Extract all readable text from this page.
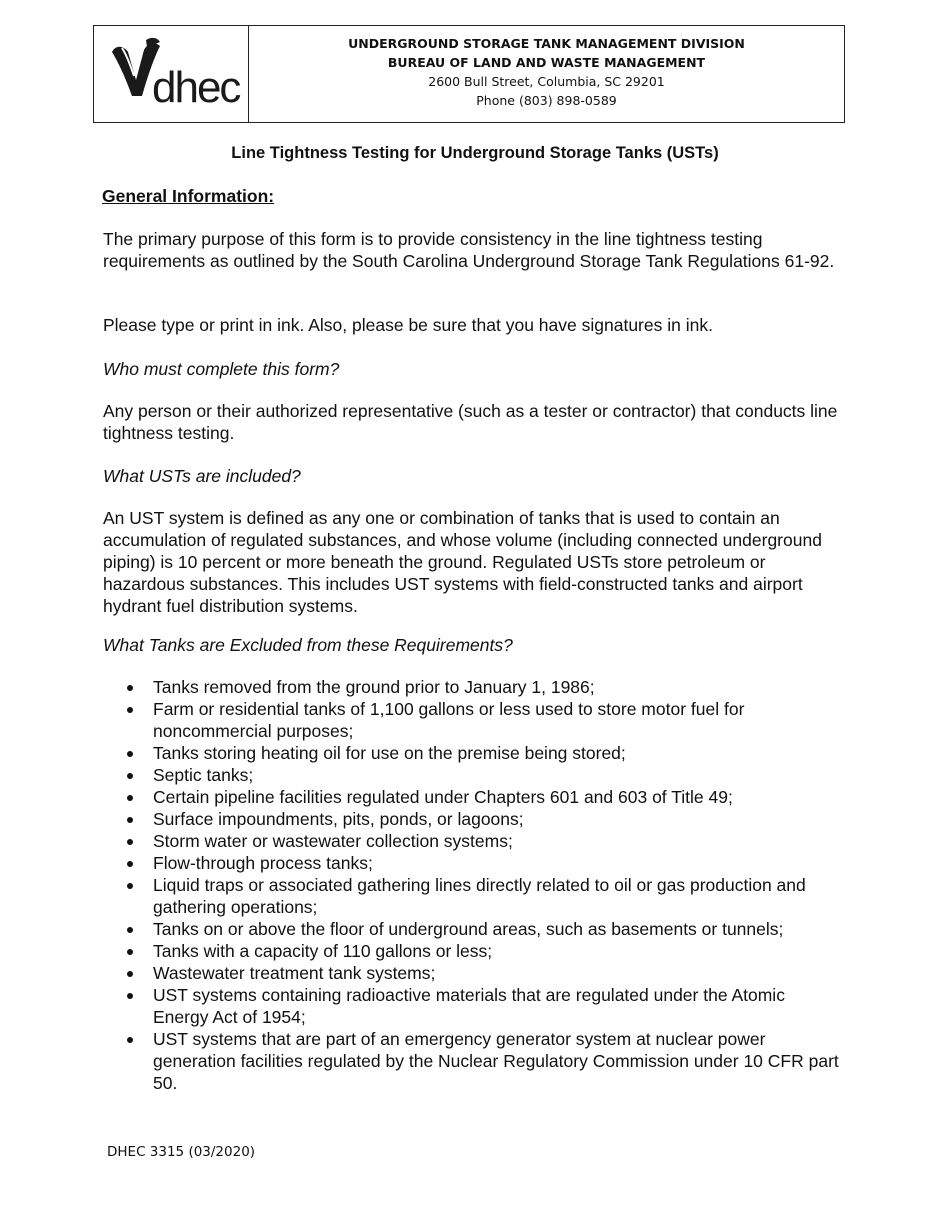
dhec
UNDERGROUND STORAGE TANK MANAGEMENT DIVISION
BUREAU OF LAND AND WASTE MANAGEMENT
2600 Bull Street, Columbia, SC 29201
Phone (803) 898-0589
Line Tightness Testing for Underground Storage Tanks (USTs)
General Information:

The primary purpose of this form is to provide consistency in the line tightness testing requirements as outlined by the South Carolina Underground Storage Tank Regulations 61-92.

Please type or print in ink. Also, please be sure that you have signatures in ink.

Who must complete this form?

Any person or their authorized representative (such as a tester or contractor) that conducts line tightness testing.

What USTs are included?

An UST system is defined as any one or combination of tanks that is used to contain an accumulation of regulated substances, and whose volume (including connected underground piping) is 10 percent or more beneath the ground. Regulated USTs store petroleum or hazardous substances. This includes UST systems with field-constructed tanks and airport hydrant fuel distribution systems.

What Tanks are Excluded from these Requirements?

Tanks removed from the ground prior to January 1, 1986;
Farm or residential tanks of 1,100 gallons or less used to store motor fuel for noncommercial purposes;
Tanks storing heating oil for use on the premise being stored;
Septic tanks;
Certain pipeline facilities regulated under Chapters 601 and 603 of Title 49;
Surface impoundments, pits, ponds, or lagoons;
Storm water or wastewater collection systems;
Flow-through process tanks;
Liquid traps or associated gathering lines directly related to oil or gas production and gathering operations;
Tanks on or above the floor of underground areas, such as basements or tunnels;
Tanks with a capacity of 110 gallons or less;
Wastewater treatment tank systems;
UST systems containing radioactive materials that are regulated under the Atomic Energy Act of 1954;
UST systems that are part of an emergency generator system at nuclear power generation facilities regulated by the Nuclear Regulatory Commission under 10 CFR part 50.
DHEC 3315 (03/2020)
